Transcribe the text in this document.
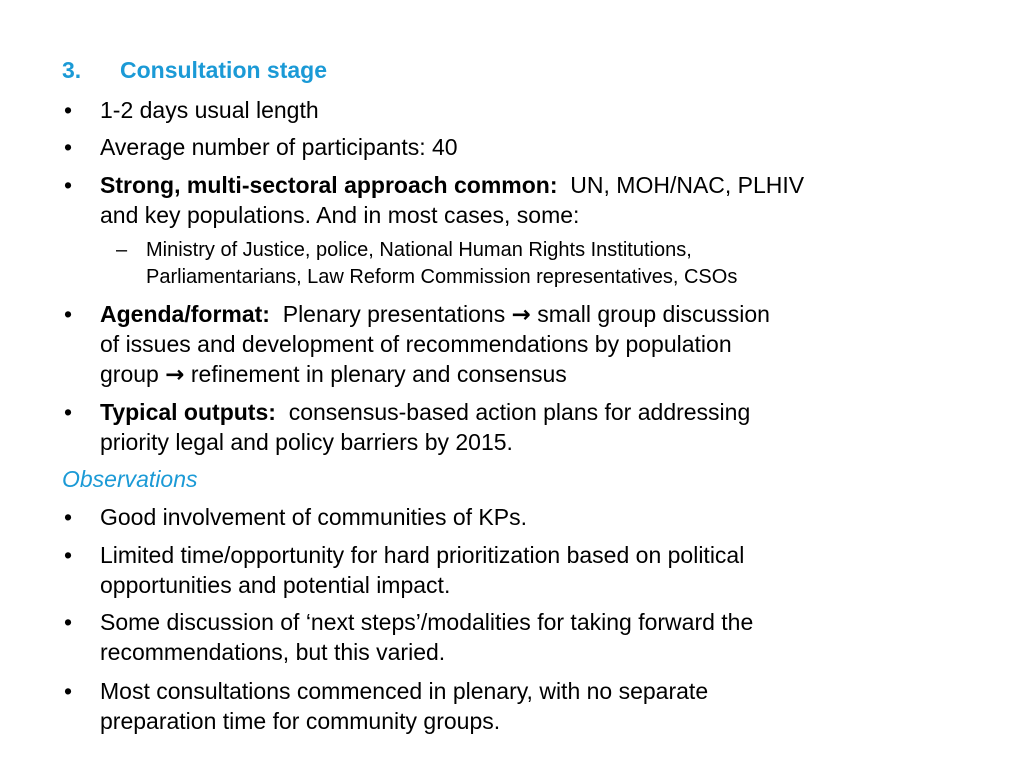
3. Consultation stage
• 1-2 days usual length
• Average number of participants: 40
• Strong, multi-sectoral approach common: UN, MOH/NAC, PLHIV
and key populations. And in most cases, some:
– Ministry of Justice, police, National Human Rights Institutions,
Parliamentarians, Law Reform Commission representatives, CSOs
• Agenda/format: Plenary presentations → small group discussion
of issues and development of recommendations by population
group → refinement in plenary and consensus
• Typical outputs: consensus-based action plans for addressing
priority legal and policy barriers by 2015.
Observations
• Good involvement of communities of KPs.
• Limited time/opportunity for hard prioritization based on political
opportunities and potential impact.
• Some discussion of ‘next steps’/modalities for taking forward the
recommendations, but this varied.
• Most consultations commenced in plenary, with no separate
preparation time for community groups.
